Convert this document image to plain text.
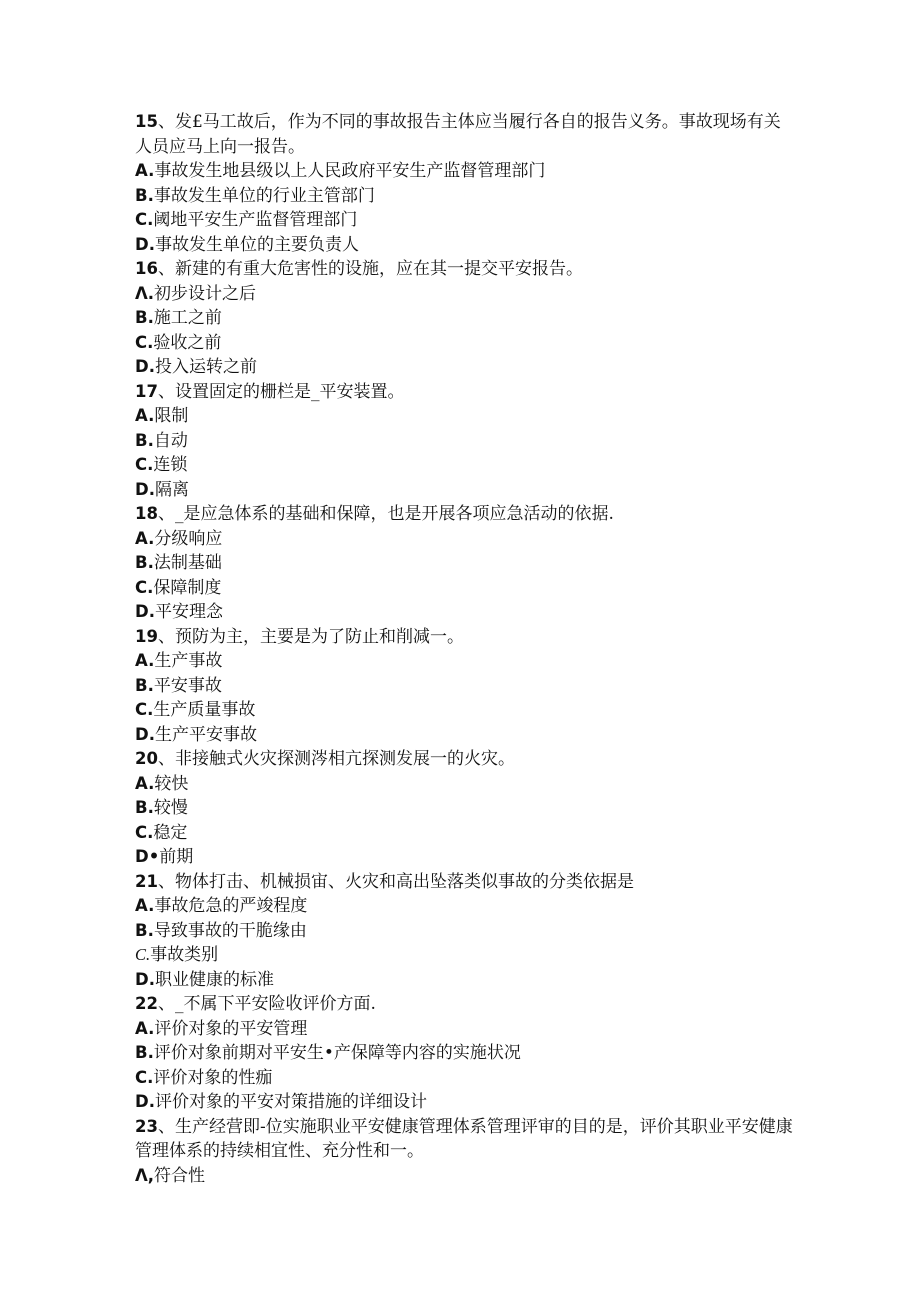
15、发£马工故后，作为不同的事故报告主体应当履行各自的报告义务。事故现场有关人员应马上向一报告。
A.事故发生地县级以上人民政府平安生产监督管理部门
B.事故发生单位的行业主管部门
C.阈地平安生产监督管理部门
D.事故发生单位的主要负责人
16、新建的有重大危害性的设施，应在其一提交平安报告。
Λ.初步设计之后
B.施工之前
C.验收之前
D.投入运转之前
17、设置固定的栅栏是_平安装置。
A.限制
B.自动
C.连锁
D.隔离
18、_是应急体系的基础和保障，也是开展各项应急活动的依据.
A.分级响应
B.法制基础
C.保障制度
D.平安理念
19、预防为主，主要是为了防止和削减一。
A.生产事故
B.平安事故
C.生产质量事故
D.生产平安事故
20、非接触式火灾探测涔相亢探测发展一的火灾。
A.较快
B.较慢
C.稳定
D•前期
21、物体打击、机械损宙、火灾和高出坠落类似事故的分类依据是
A.事故危急的严竣程度
B.导致事故的干脆缘由
C.事故类别
D.职业健康的标准
22、_不属下平安险收评价方面.
A.评价对象的平安管理
B.评价对象前期对平安生•产保障等内容的实施状况
C.评价对象的性痂
D.评价对象的平安对策措施的详细设计
23、生产经营即-位实施职业平安健康管理体系管理评审的目的是，评价其职业平安健康管理体系的持续相宜性、充分性和一。
Λ,符合性
